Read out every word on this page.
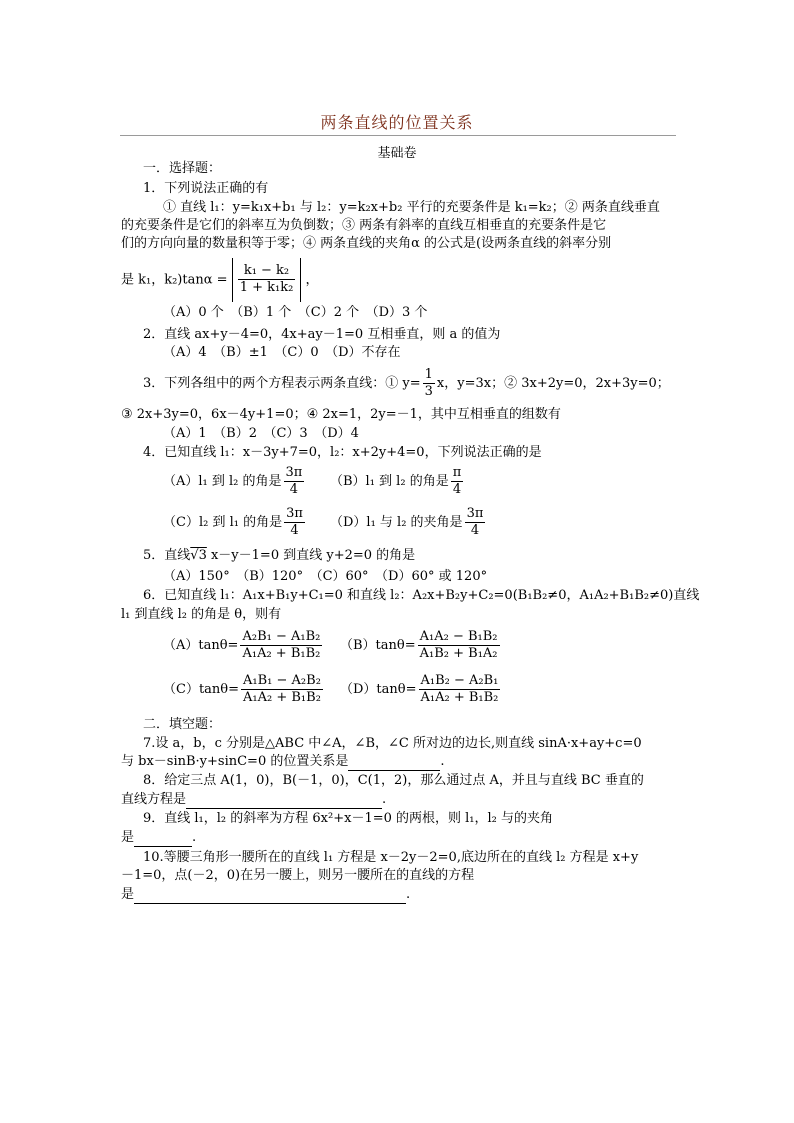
两条直线的位置关系
基础卷
一．选择题：
1．下列说法正确的有
① 直线 l₁：y=k₁x+b₁ 与 l₂：y=k₂x+b₂ 平行的充要条件是 k₁=k₂；② 两条直线垂直
的充要条件是它们的斜率互为负倒数；③ 两条有斜率的直线互相垂直的充要条件是它
们的方向向量的数量积等于零；④ 两条直线的夹角α 的公式是(设两条直线的斜率分别
是 k₁，$k_2)\tan\alpha = \frac{\text{k₁ − k₂}}{\text{1 + k₁k₂}}$ ，
（A）0 个　（B）1 个　（C）2 个　（D）3 个
2．直线 ax+y－4=0，4x+ay－1=0 互相垂直，则 a 的值为
（A）4　（B）±1　（C）0　（D）不存在
3．下列各组中的两个方程表示两条直线：① $y= \frac{1}{3}$ x，y=3x；② 3x+2y=0，2x+3y=0；
③ 2x+3y=0，6x－4y+1=0；④ 2x=1，2y=－1，其中互相垂直的组数有
（A）1　（B）2　（C）3　（D）4
4．已知直线 l₁：x－3y+7=0，l₂：x+2y+4=0，下列说法正确的是
（A）l₁ 到 l₂ 的角是 $\frac{3\pi}{4} (B)l_1$ 到 l₂ 的角是 $\frac{\pi}{4}$
（C）l₂ 到 l₁ 的角是 $\frac{3\pi}{4} (D)l_1$ 与 l₂ 的夹角是 $\frac{3\pi}{4}$
5．直线√3 x－y－1=0 到直线 y+2=0 的角是
（A）150°　（B）120°　（C）60°　（D）60° 或 120°
6．已知直线 l₁：A₁x+B₁y+C₁=0 和直线 l₂：A₂x+B₂y+C₂=0(B₁B₂≠0，A₁A₂+B₁B₂≠0)直线
l₁ 到直线 l₂ 的角是 θ，则有
$(A)\tan\theta= \frac{\text{A₂B₁ − A₁B₂}}{\text{A₁A₂ + B₁B₂}} (B)\tan\theta= \frac{\text{A₁A₂ − B₁B₂}}{\text{A₁B₂ + B₁A₂}}$
$(C)\tan\theta= \frac{\text{A₁B₁ − A₂B₂}}{\text{A₁A₂ + B₁B₂}} (D)\tan\theta= \frac{\text{A₁B₂ − A₂B₁}}{\text{A₁A₂ + B₁B₂}}$
二．填空题：
7.设 a，b，c 分别是△ABC 中∠A，∠B，∠C 所对边的边长,则直线 sinA·x+ay+c=0
与 bx－sinB·y+sinC=0 的位置关系是	.
8．给定三点 A(1，0)，B(－1，0)，C(1，2)，那么通过点 A，并且与直线 BC 垂直的
直线方程是	.
9．直线 l₁，l₂ 的斜率为方程 6x²+x－1=0 的两根，则 l₁，l₂ 与的夹角
是	.
10.等腰三角形一腰所在的直线 l₁ 方程是 x－2y－2=0,底边所在的直线 l₂ 方程是 x+y
－1=0，点(－2，0)在另一腰上，则另一腰所在的直线的方程
是	.
